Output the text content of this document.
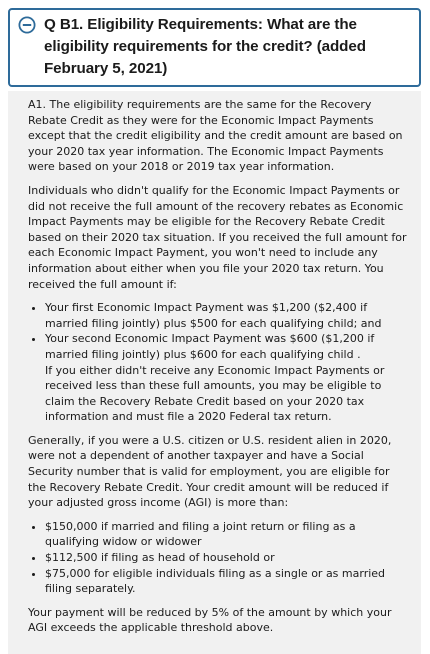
Q B1. Eligibility Requirements: What are the eligibility requirements for the credit? (added February 5, 2021)

A1. The eligibility requirements are the same for the Recovery Rebate Credit as they were for the Economic Impact Payments except that the credit eligibility and the credit amount are based on your 2020 tax year information. The Economic Impact Payments were based on your 2018 or 2019 tax year information.

Individuals who didn't qualify for the Economic Impact Payments or did not receive the full amount of the recovery rebates as Economic Impact Payments may be eligible for the Recovery Rebate Credit based on their 2020 tax situation. If you received the full amount for each Economic Impact Payment, you won't need to include any information about either when you file your 2020 tax return. You received the full amount if:

• Your first Economic Impact Payment was $1,200 ($2,400 if married filing jointly) plus $500 for each qualifying child; and
• Your second Economic Impact Payment was $600 ($1,200 if married filing jointly) plus $600 for each qualifying child .
If you either didn't receive any Economic Impact Payments or received less than these full amounts, you may be eligible to claim the Recovery Rebate Credit based on your 2020 tax information and must file a 2020 Federal tax return.

Generally, if you were a U.S. citizen or U.S. resident alien in 2020, were not a dependent of another taxpayer and have a Social Security number that is valid for employment, you are eligible for the Recovery Rebate Credit. Your credit amount will be reduced if your adjusted gross income (AGI) is more than:

• $150,000 if married and filing a joint return or filing as a qualifying widow or widower
• $112,500 if filing as head of household or
• $75,000 for eligible individuals filing as a single or as married filing separately.

Your payment will be reduced by 5% of the amount by which your AGI exceeds the applicable threshold above.
